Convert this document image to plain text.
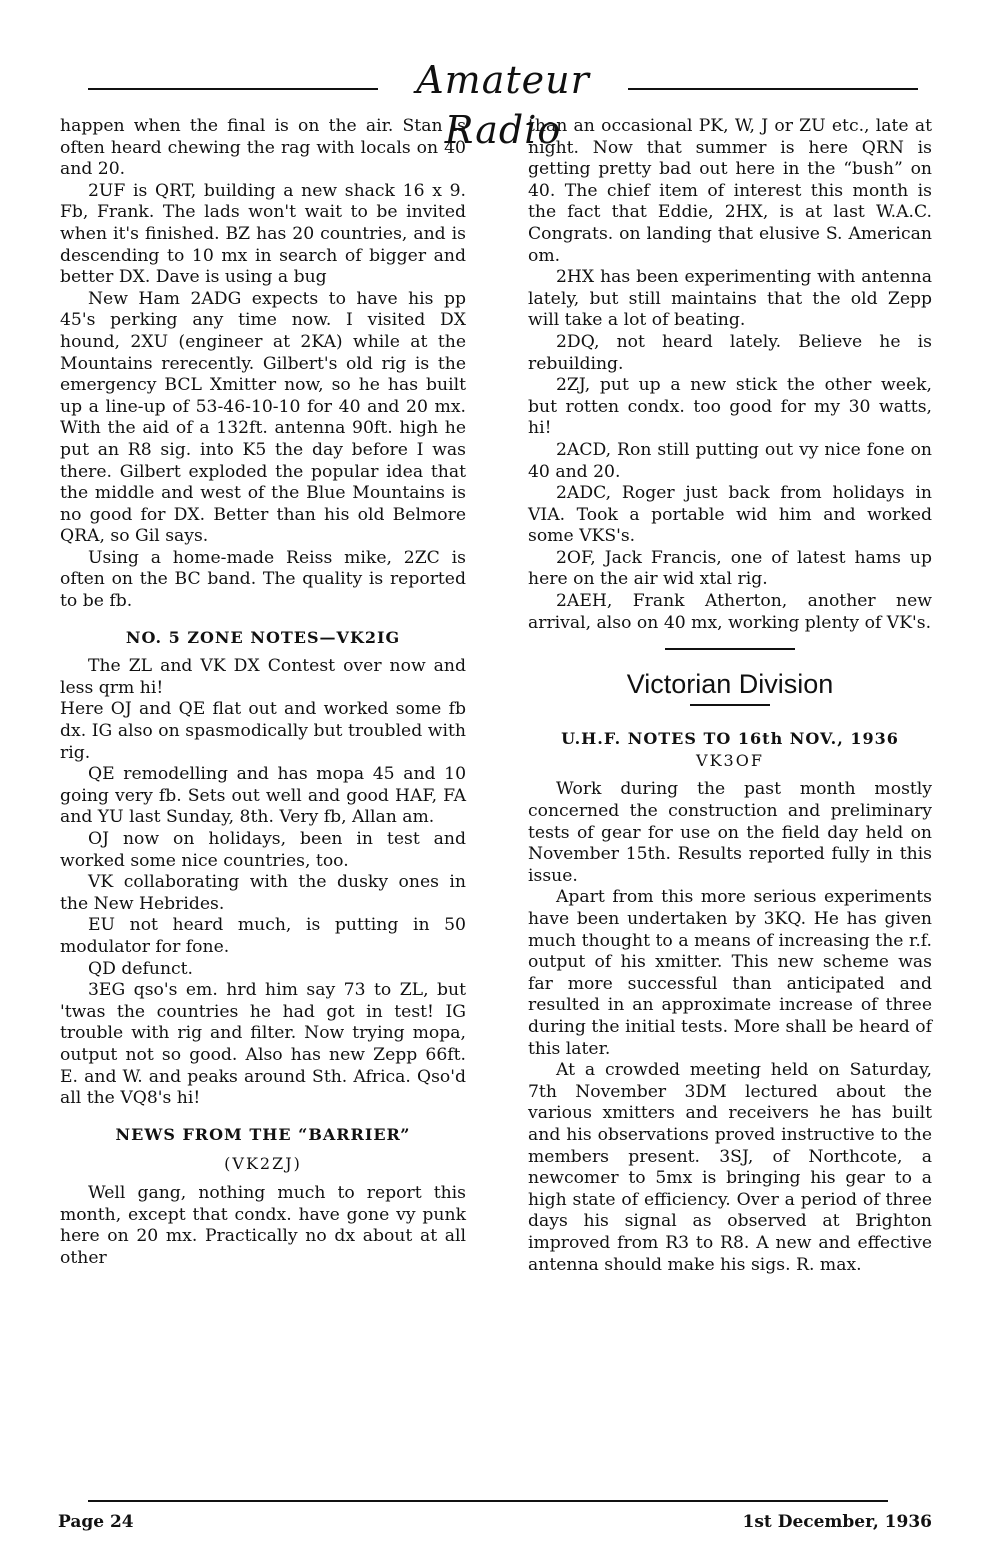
Amateur Radio

happen when the final is on the air. Stan is often heard chewing the rag with locals on 40 and 20.

2UF is QRT, building a new shack 16 x 9. Fb, Frank. The lads won't wait to be invited when it's finished. BZ has 20 countries, and is descending to 10 mx in search of bigger and better DX. Dave is using a bug

New Ham 2ADG expects to have his pp 45's perking any time now. I visited DX hound, 2XU (engineer at 2KA) while at the Mountains rerecently. Gilbert's old rig is the emergency BCL Xmitter now, so he has built up a line-up of 53-46-10-10 for 40 and 20 mx. With the aid of a 132ft. antenna 90ft. high he put an R8 sig. into K5 the day before I was there. Gilbert exploded the popular idea that the middle and west of the Blue Mountains is no good for DX. Better than his old Belmore QRA, so Gil says.

Using a home-made Reiss mike, 2ZC is often on the BC band. The quality is reported to be fb.

NO. 5 ZONE NOTES—VK2IG

The ZL and VK DX Contest over now and less qrm hi!

Here OJ and QE flat out and worked some fb dx. IG also on spasmodically but troubled with rig.

QE remodelling and has mopa 45 and 10 going very fb. Sets out well and good HAF, FA and YU last Sunday, 8th. Very fb, Allan am.

OJ now on holidays, been in test and worked some nice countries, too.

VK collaborating with the dusky ones in the New Hebrides.

EU not heard much, is putting in 50 modulator for fone.

QD defunct.

3EG qso's em. hrd him say 73 to ZL, but 'twas the countries he had got in test! IG trouble with rig and filter. Now trying mopa, output not so good. Also has new Zepp 66ft. E. and W. and peaks around Sth. Africa. Qso'd all the VQ8's hi!

NEWS FROM THE “BARRIER”

(VK2ZJ)

Well gang, nothing much to report this month, except that condx. have gone vy punk here on 20 mx. Practically no dx about at all other

than an occasional PK, W, J or ZU etc., late at night. Now that summer is here QRN is getting pretty bad out here in the “bush” on 40. The chief item of interest this month is the fact that Eddie, 2HX, is at last W.A.C. Congrats. on landing that elusive S. American om.

2HX has been experimenting with antenna lately, but still maintains that the old Zepp will take a lot of beating.

2DQ, not heard lately. Believe he is rebuilding.

2ZJ, put up a new stick the other week, but rotten condx. too good for my 30 watts, hi!

2ACD, Ron still putting out vy nice fone on 40 and 20.

2ADC, Roger just back from holidays in VIA. Took a portable wid him and worked some VKS's.

2OF, Jack Francis, one of latest hams up here on the air wid xtal rig.

2AEH, Frank Atherton, another new arrival, also on 40 mx, working plenty of VK's.

Victorian Division

U.H.F. NOTES TO 16th NOV., 1936

VK3OF

Work during the past month mostly concerned the construction and preliminary tests of gear for use on the field day held on November 15th. Results reported fully in this issue.

Apart from this more serious experiments have been undertaken by 3KQ. He has given much thought to a means of increasing the r.f. output of his xmitter. This new scheme was far more successful than anticipated and resulted in an approximate increase of three during the initial tests. More shall be heard of this later.

At a crowded meeting held on Saturday, 7th November 3DM lectured about the various xmitters and receivers he has built and his observations proved instructive to the members present. 3SJ, of Northcote, a newcomer to 5mx is bringing his gear to a high state of efficiency. Over a period of three days his signal as observed at Brighton improved from R3 to R8. A new and effective antenna should make his sigs. R. max.

Page 24	1st December, 1936
